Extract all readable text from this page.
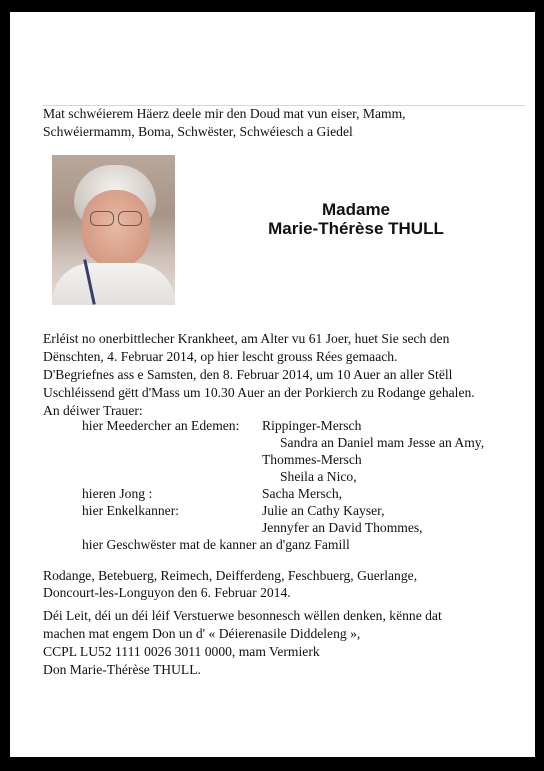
Mat schwéierem Häerz deele mir den Doud mat vun eiser, Mamm,
Schwéiermamm, Boma, Schwëster, Schwéiesch a Giedel
Madame
Marie-Thérèse THULL
Erléist no onerbittlecher Krankheet, am Alter vu 61 Joer, huet Sie sech den
Dënschten, 4. Februar 2014, op hier lescht grouss Rées gemaach.
D'Begriefnes ass e Samsten, den 8. Februar 2014, um 10 Auer an aller Stëll
Uschléissend gëtt d'Mass um 10.30 Auer an der Porkierch zu Rodange gehalen.
An déiwer Trauer:
hier Meedercher an Edemen: Rippinger-Mersch
Sandra an Daniel mam Jesse an Amy,
Thommes-Mersch
Sheila a Nico,
hieren Jong :	Sacha Mersch,
hier Enkelkanner:	Julie an Cathy Kayser,
Jennyfer an David Thommes,
hier Geschwëster mat de kanner an d'ganz Famill
Rodange, Betebuerg, Reimech, Deifferdeng, Feschbuerg, Guerlange,
Doncourt-les-Longuyon den 6. Februar 2014.
Déi Leit, déi un déi léif Verstuerwe besonnesch wëllen denken, kënne dat
machen mat engem Don un d' « Déierenasile Diddeleng »,
CCPL LU52 1111 0026 3011 0000, mam Vermierk
Don Marie-Thérèse THULL.
